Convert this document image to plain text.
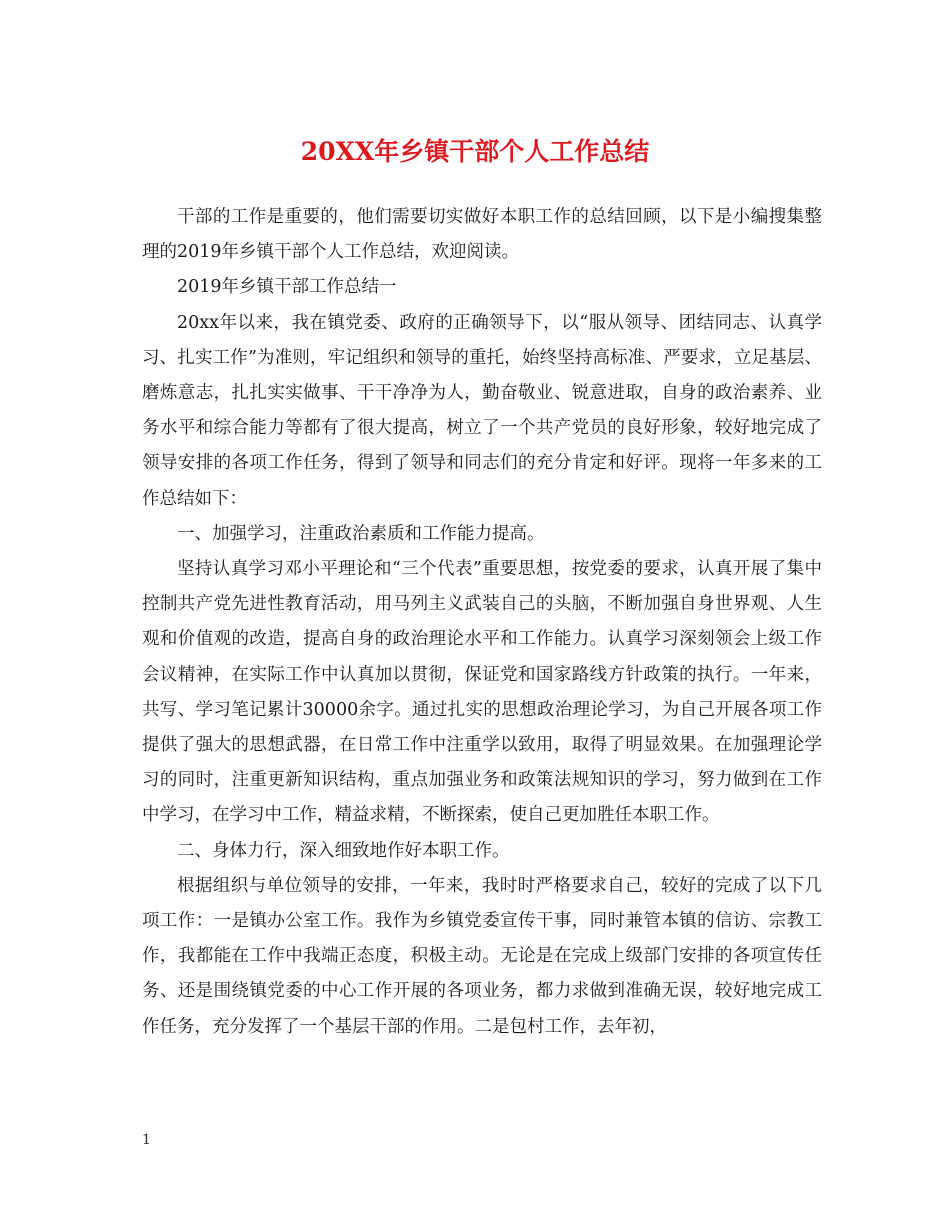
20XX年乡镇干部个人工作总结

干部的工作是重要的，他们需要切实做好本职工作的总结回顾，以下是小编搜集整理的2019年乡镇干部个人工作总结，欢迎阅读。

2019年乡镇干部工作总结一

20xx年以来，我在镇党委、政府的正确领导下，以“服从领导、团结同志、认真学习、扎实工作”为准则，牢记组织和领导的重托，始终坚持高标准、严要求，立足基层、磨炼意志，扎扎实实做事、干干净净为人，勤奋敬业、锐意进取，自身的政治素养、业务水平和综合能力等都有了很大提高，树立了一个共产党员的良好形象，较好地完成了领导安排的各项工作任务，得到了领导和同志们的充分肯定和好评。现将一年多来的工作总结如下：

一、加强学习，注重政治素质和工作能力提高。

坚持认真学习邓小平理论和“三个代表”重要思想，按党委的要求，认真开展了集中控制共产党先进性教育活动，用马列主义武装自己的头脑，不断加强自身世界观、人生观和价值观的改造，提高自身的政治理论水平和工作能力。认真学习深刻领会上级工作会议精神，在实际工作中认真加以贯彻，保证党和国家路线方针政策的执行。一年来，共写、学习笔记累计30000余字。通过扎实的思想政治理论学习，为自己开展各项工作提供了强大的思想武器，在日常工作中注重学以致用，取得了明显效果。在加强理论学习的同时，注重更新知识结构，重点加强业务和政策法规知识的学习，努力做到在工作中学习，在学习中工作，精益求精，不断探索，使自己更加胜任本职工作。

二、身体力行，深入细致地作好本职工作。

根据组织与单位领导的安排，一年来，我时时严格要求自己，较好的完成了以下几项工作：一是镇办公室工作。我作为乡镇党委宣传干事，同时兼管本镇的信访、宗教工作，我都能在工作中我端正态度，积极主动。无论是在完成上级部门安排的各项宣传任务、还是围绕镇党委的中心工作开展的各项业务，都力求做到准确无误，较好地完成工作任务，充分发挥了一个基层干部的作用。二是包村工作，去年初，

1
